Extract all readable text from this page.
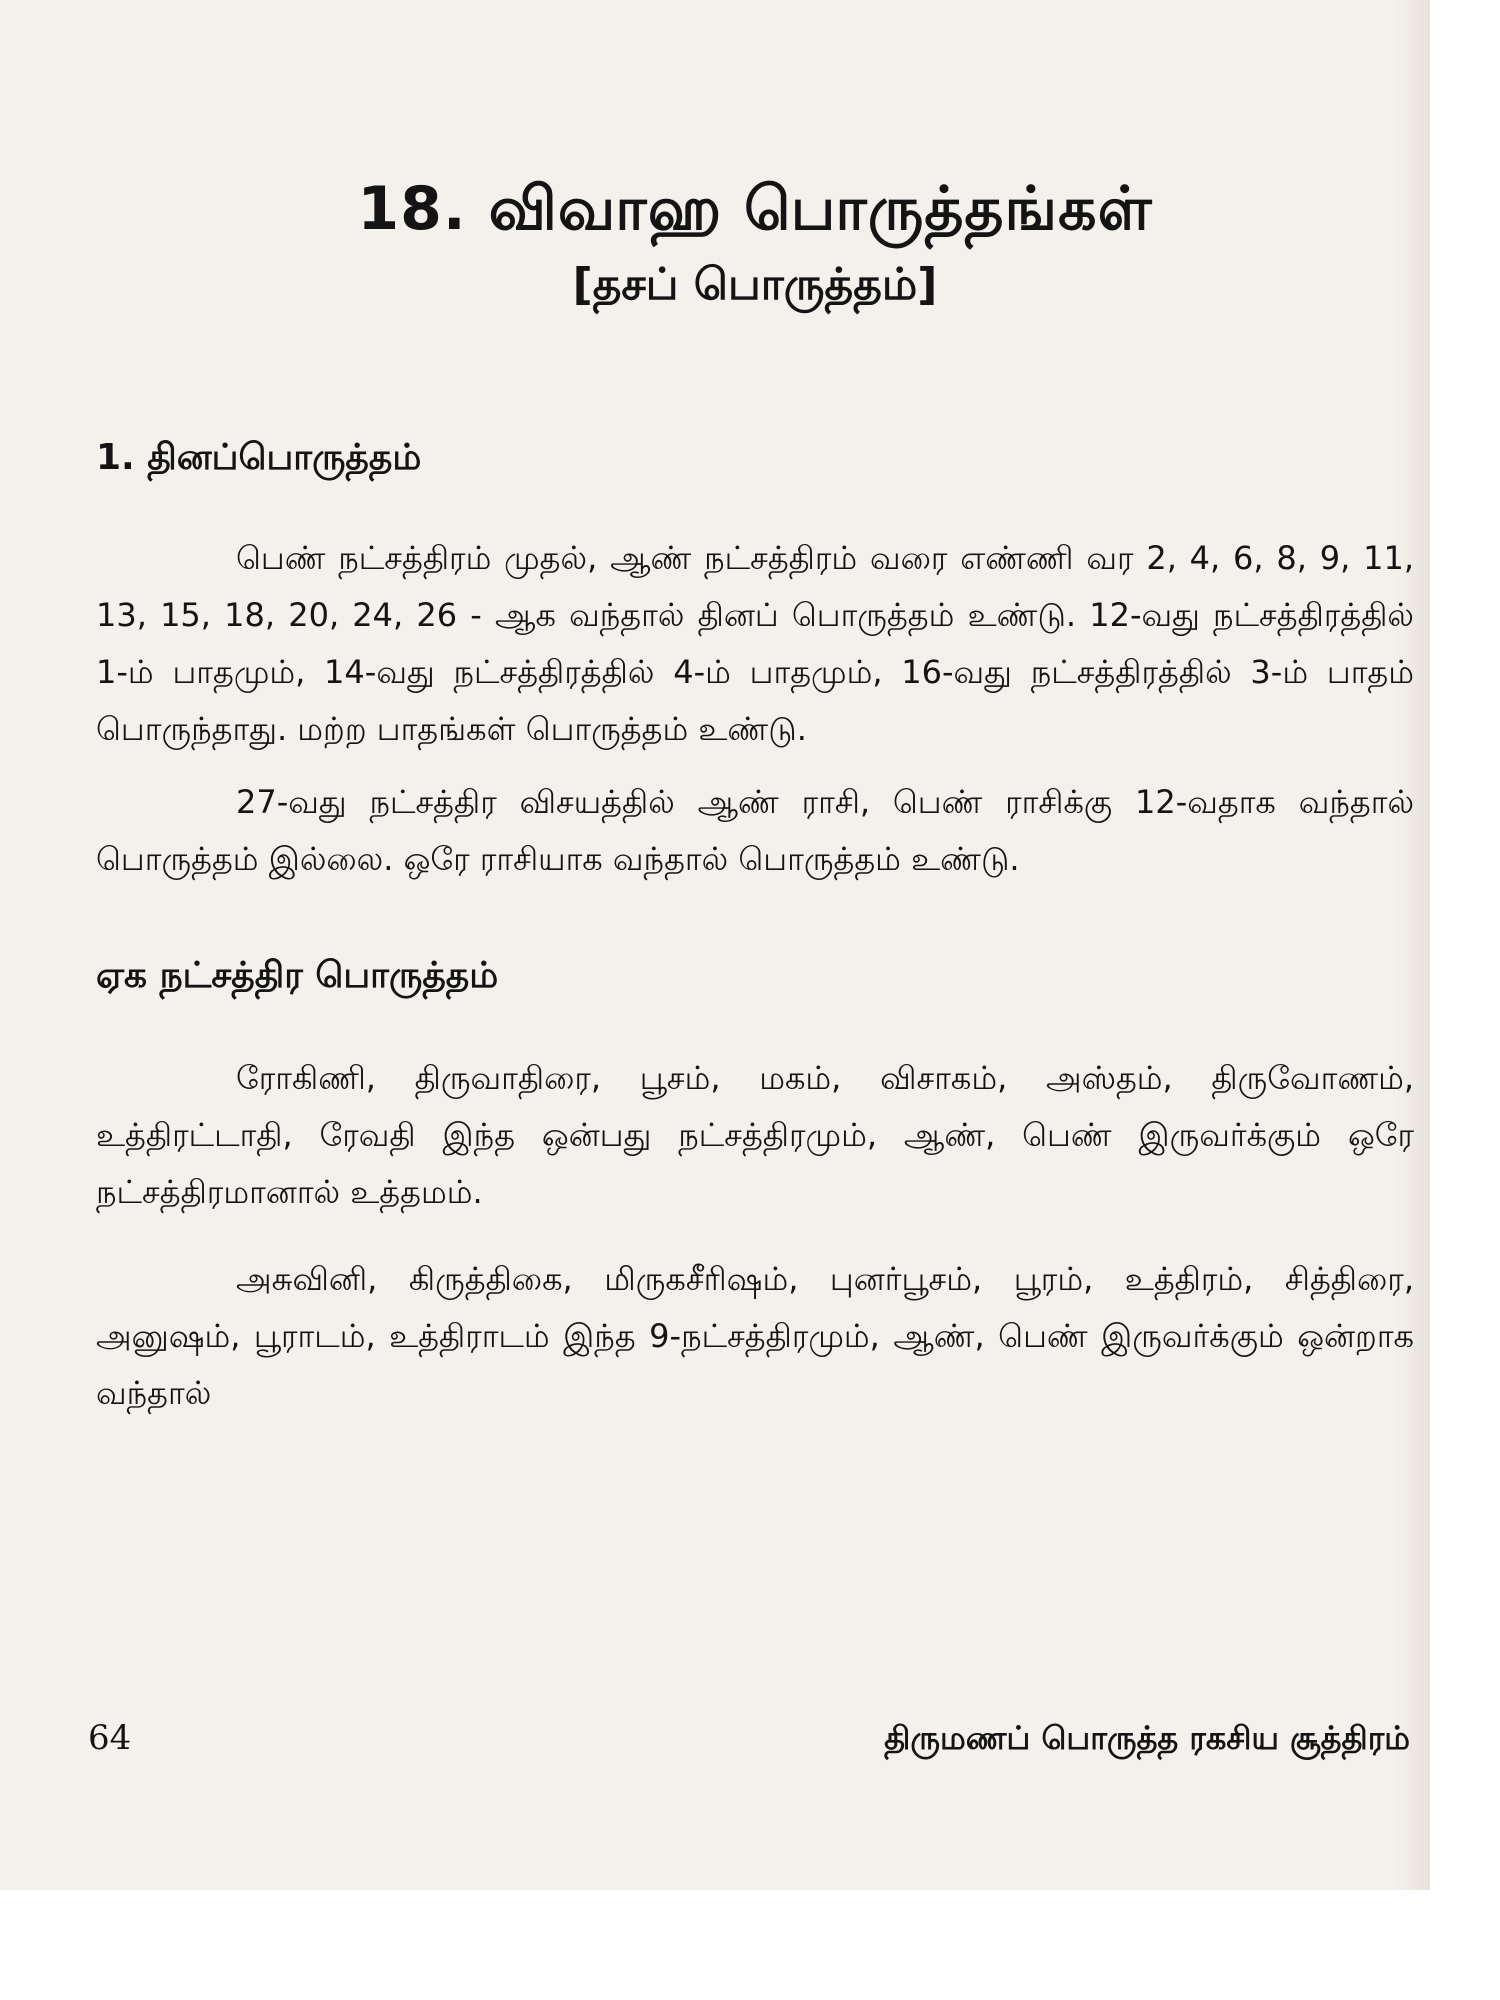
18. விவாஹ பொருத்தங்கள்
[தசப் பொருத்தம்]
1. தினப்பொருத்தம்

பெண் நட்சத்திரம் முதல், ஆண் நட்சத்திரம் வரை எண்ணி வர 2, 4, 6, 8, 9, 11, 13, 15, 18, 20, 24, 26 - ஆக வந்தால் தினப் பொருத்தம் உண்டு. 12-வது நட்சத்திரத்தில் 1-ம் பாதமும், 14-வது நட்சத்திரத்தில் 4-ம் பாதமும், 16-வது நட்சத்திரத்தில் 3-ம் பாதம் பொருந்தாது. மற்ற பாதங்கள் பொருத்தம் உண்டு.

27-வது நட்சத்திர விசயத்தில் ஆண் ராசி, பெண் ராசிக்கு 12-வதாக வந்தால் பொருத்தம் இல்லை. ஒரே ராசியாக வந்தால் பொருத்தம் உண்டு.

ஏக நட்சத்திர பொருத்தம்

ரோகிணி, திருவாதிரை, பூசம், மகம், விசாகம், அஸ்தம், திருவோணம், உத்திரட்டாதி, ரேவதி இந்த ஒன்பது நட்சத்திரமும், ஆண், பெண் இருவர்க்கும் ஒரே நட்சத்திரமானால் உத்தமம்.

அசுவினி, கிருத்திகை, மிருகசீரிஷம், புனர்பூசம், பூரம், உத்திரம், சித்திரை, அனுஷம், பூராடம், உத்திராடம் இந்த 9-நட்சத்திரமும், ஆண், பெண் இருவர்க்கும் ஒன்றாக வந்தால்

64	திருமணப் பொருத்த ரகசிய சூத்திரம்
